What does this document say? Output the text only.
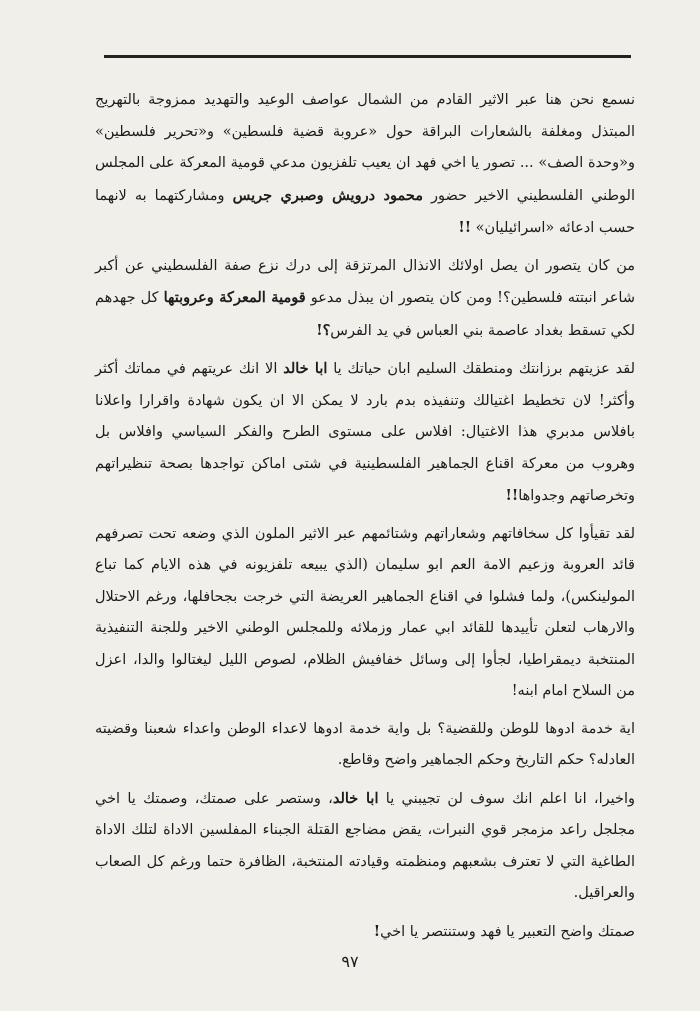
نسمع نحن هنا عبر الاثير القادم من الشمال عواصف الوعيد والتهديد ممزوجة بالتهريج المبتذل ومغلفة بالشعارات البراقة حول «عروبة قضية فلسطين» و«تحرير فلسطين» و«وحدة الصف» ... تصور يا اخي فهد ان يعيب تلفزيون مدعي قومية المعركة على المجلس الوطني الفلسطيني الاخير حضور محمود درويش وصبري جريس ومشاركتهما به لانهما حسب ادعائه «اسرائيليان» !!

من كان يتصور ان يصل اولائك الانذال المرتزقة إلى درك نزع صفة الفلسطيني عن أكبر شاعر انبتته فلسطين؟! ومن كان يتصور ان يبذل مدعو قومية المعركة وعروبتها كل جهدهم لكي تسقط بغداد عاصمة بني العباس في يد الفرس؟!

لقد عزيتهم برزانتك ومنطقك السليم ابان حياتك يا ابا خالد الا انك عريتهم في مماتك أكثر وأكثر! لان تخطيط اغتيالك وتنفيذه بدم بارد لا يمكن الا ان يكون شهادة واقرارا واعلانا بافلاس مدبري هذا الاغتيال: افلاس على مستوى الطرح والفكر السياسي وافلاس بل وهروب من معركة اقناع الجماهير الفلسطينية في شتى اماكن تواجدها بصحة تنظيراتهم وتخرصاتهم وجدواها!!

لقد تقيأوا كل سخافاتهم وشعاراتهم وشتائمهم عبر الاثير الملون الذي وضعه تحت تصرفهم قائد العروبة وزعيم الامة العم ابو سليمان (الذي يبيعه تلفزيونه في هذه الايام كما تباع المولينكس)، ولما فشلوا في اقناع الجماهير العريضة التي خرجت بجحافلها، ورغم الاحتلال والارهاب لتعلن تأييدها للقائد ابي عمار وزملائه وللمجلس الوطني الاخير وللجنة التنفيذية المنتخبة ديمقراطيا، لجأوا إلى وسائل خفافيش الظلام، لصوص الليل ليغتالوا والدا، اعزل من السلاح امام ابنه!

اية خدمة ادوها للوطن وللقضية؟ بل واية خدمة ادوها لاعداء الوطن واعداء شعبنا وقضيته العادله؟ حكم التاريخ وحكم الجماهير واضح وقاطع.

واخيرا، انا اعلم انك سوف لن تجيبني يا ابا خالد، وستصر على صمتك، وصمتك يا اخي مجلجل راعد مزمجر قوي النبرات، يقض مضاجع القتلة الجبناء المفلسين الاداة لتلك الاداة الطاغية التي لا تعترف بشعبهم ومنظمته وقيادته المنتخبة، الظافرة حتما ورغم كل الصعاب والعراقيل.

صمتك واضح التعبير يا فهد وستنتصر يا اخي!

٩٧
